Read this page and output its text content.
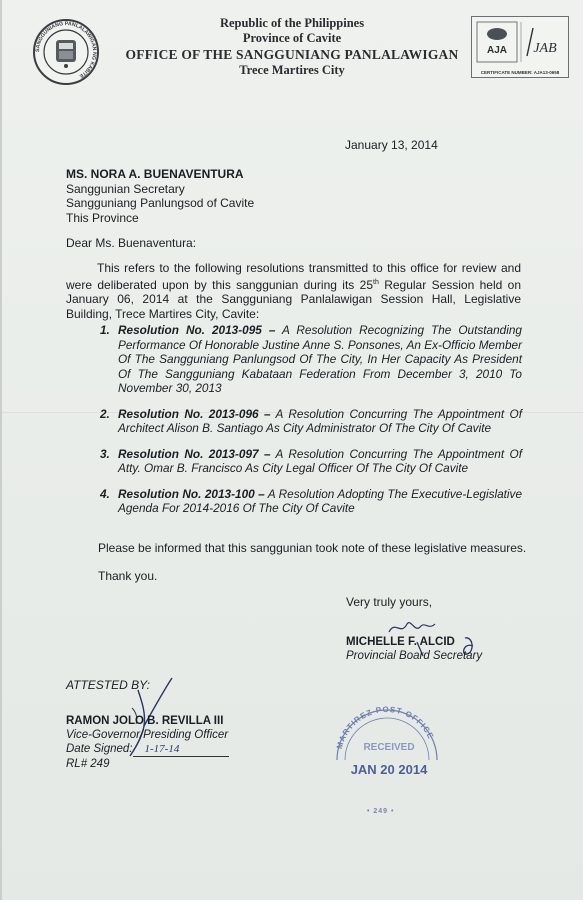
SANGGUNIANG PANLALAWIGAN NG KABITE
Republic of the Philippines
Province of Cavite
OFFICE OF THE SANGGUNIANG PANLALAWIGAN
Trece Martires City
AJA JAB
CERTIFICATE NUMBER: AJA13-0658
January 13, 2014
MS. NORA A. BUENAVENTURA
Sanggunian Secretary
Sangguniang Panlungsod of Cavite
This Province
Dear Ms. Buenaventura:

This refers to the following resolutions transmitted to this office for review and were deliberated upon by this sanggunian during its 25th Regular Session held on January 06, 2014 at the Sangguniang Panlalawigan Session Hall, Legislative Building, Trece Martires City, Cavite:

1. Resolution No. 2013-095 – A Resolution Recognizing The Outstanding Performance Of Honorable Justine Anne S. Ponsones, An Ex-Officio Member Of The Sangguniang Panlungsod Of The City, In Her Capacity As President Of The Sangguniang Kabataan Federation From December 3, 2010 To November 30, 2013
2. Resolution No. 2013-096 – A Resolution Concurring The Appointment Of Architect Alison B. Santiago As City Administrator Of The City Of Cavite
3. Resolution No. 2013-097 – A Resolution Concurring The Appointment Of Atty. Omar B. Francisco As City Legal Officer Of The City Of Cavite
4. Resolution No. 2013-100 – A Resolution Adopting The Executive-Legislative Agenda For 2014-2016 Of The City Of Cavite
Please be informed that this sanggunian took note of these legislative measures.
Thank you.
Very truly yours,
MICHELLE F. ALCID
Provincial Board Secretary
ATTESTED BY:
RAMON JOLO B. REVILLA III
Vice-Governor/Presiding Officer
Date Signed: 1-17-14
RL# 249
MARTIREZ POST OFFICE
RECEIVED
JAN 20 2014
• 249 •
